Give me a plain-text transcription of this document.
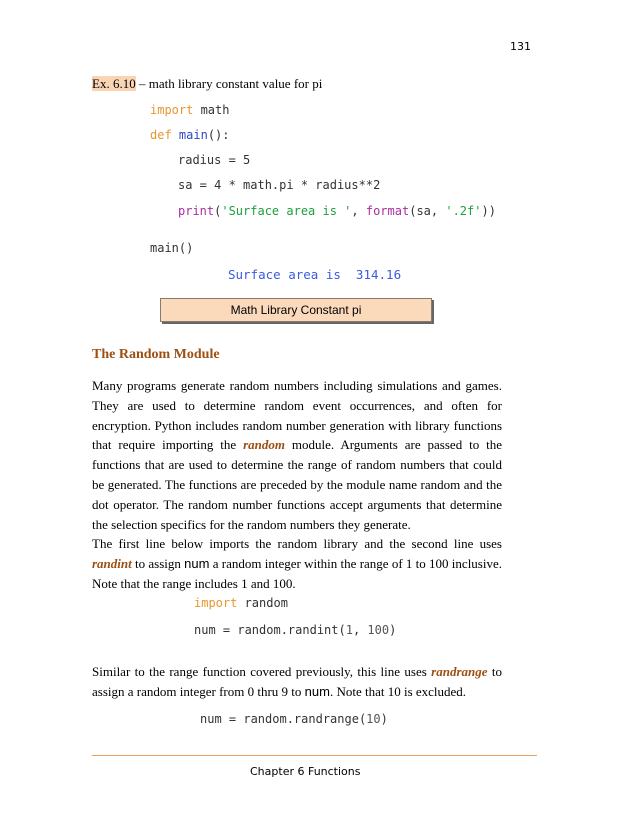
131
Ex. 6.10 – math library constant value for pi
import math
def main():
radius = 5
sa = 4 * math.pi * radius**2
print('Surface area is ', format(sa, '.2f'))
main()
Surface area is  314.16
Math Library Constant pi
The Random Module
Many programs generate random numbers including simulations and games. They are used to determine random event occurrences, and often for encryption. Python includes random number generation with library functions that require importing the random module. Arguments are passed to the functions that are used to determine the range of random numbers that could be generated. The functions are preceded by the module name random and the dot operator. The random number functions accept arguments that determine the selection specifics for the random numbers they generate.
The first line below imports the random library and the second line uses randint to assign num a random integer within the range of 1 to 100 inclusive. Note that the range includes 1 and 100.
import random
num = random.randint(1, 100)
Similar to the range function covered previously, this line uses randrange to assign a random integer from 0 thru 9 to num. Note that 10 is excluded.
num = random.randrange(10)
Chapter 6 Functions
